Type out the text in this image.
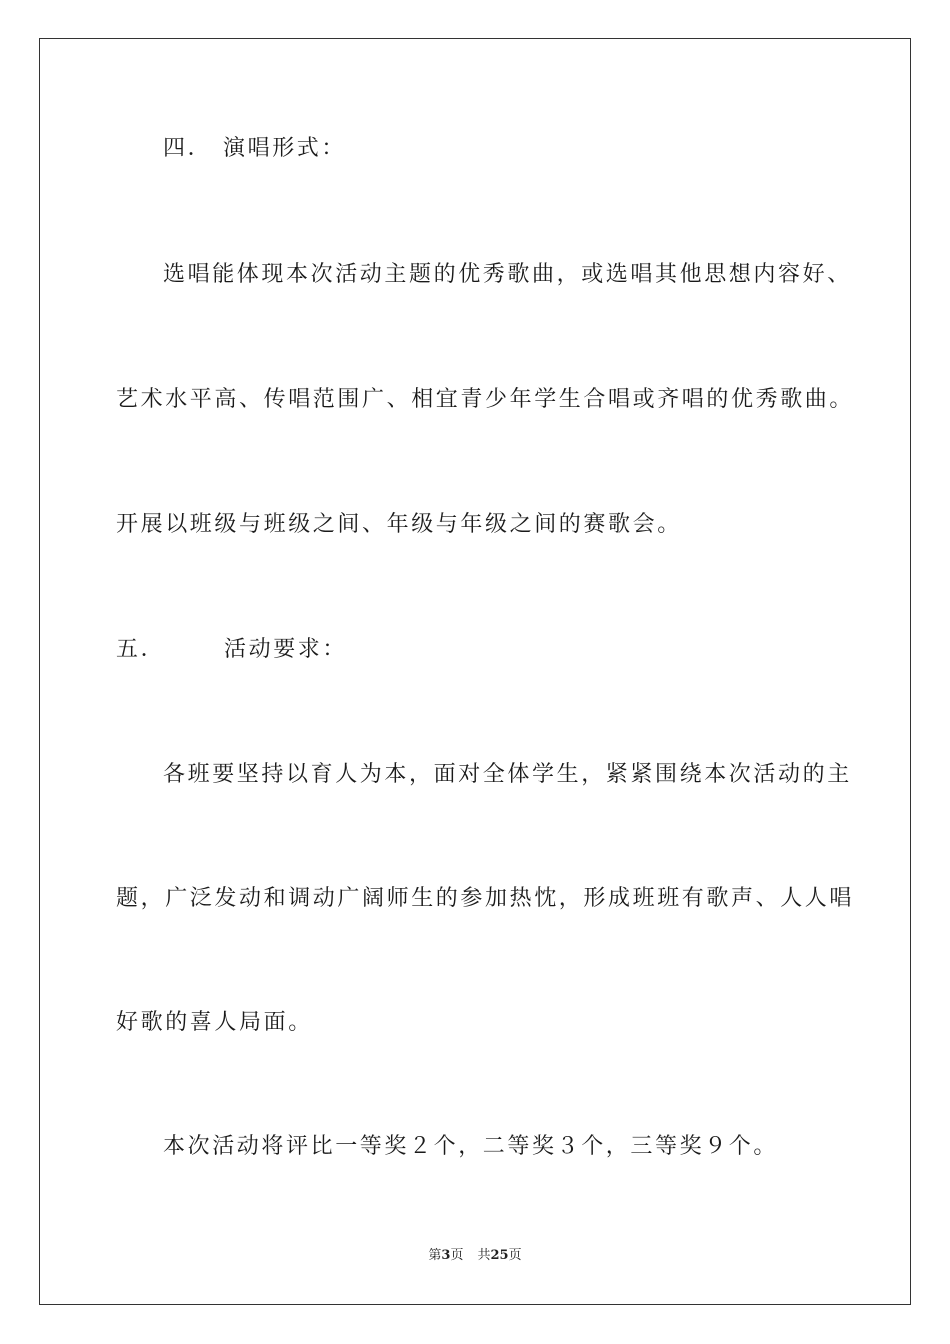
四． 演唱形式：
选唱能体现本次活动主题的优秀歌曲，或选唱其他思想内容好、
艺术水平高、传唱范围广、相宜青少年学生合唱或齐唱的优秀歌曲。
开展以班级与班级之间、年级与年级之间的赛歌会。
五．	活动要求：
各班要坚持以育人为本，面对全体学生，紧紧围绕本次活动的主
题，广泛发动和调动广阔师生的参加热忱，形成班班有歌声、人人唱
好歌的喜人局面。
本次活动将评比一等奖２个，二等奖３个，三等奖９个。
第3页 共25页
